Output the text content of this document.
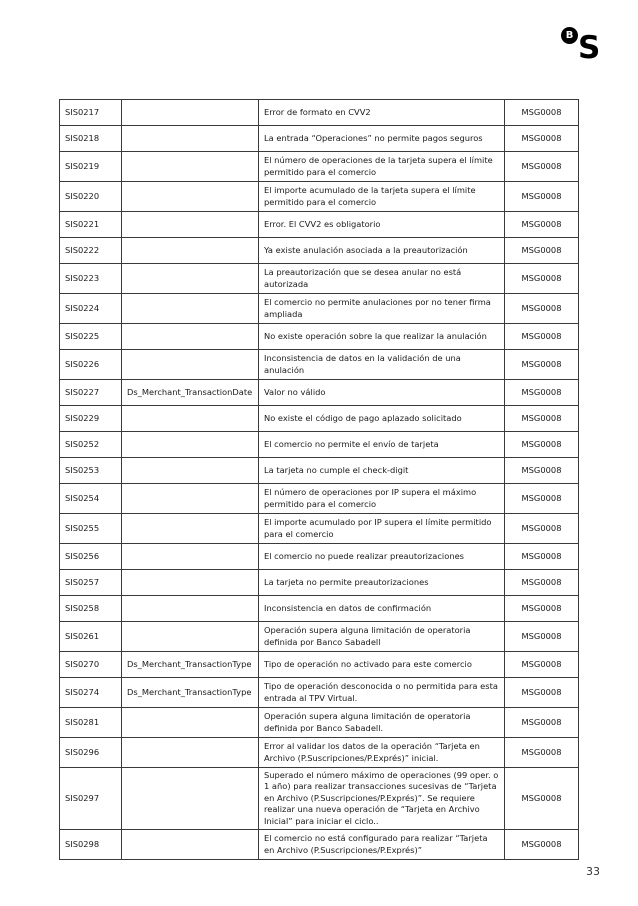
B S
SIS0217		Error de formato en CVV2	MSG0008
SIS0218		La entrada “Operaciones” no permite pagos seguros	MSG0008
SIS0219		El número de operaciones de la tarjeta supera el límite permitido para el comercio	MSG0008
SIS0220		El importe acumulado de la tarjeta supera el límite permitido para el comercio	MSG0008
SIS0221		Error. El CVV2 es obligatorio	MSG0008
SIS0222		Ya existe anulación asociada a la preautorización	MSG0008
SIS0223		La preautorización que se desea anular no está autorizada	MSG0008
SIS0224		El comercio no permite anulaciones por no tener firma ampliada	MSG0008
SIS0225		No existe operación sobre la que realizar la anulación	MSG0008
SIS0226		Inconsistencia de datos en la validación de una anulación	MSG0008
SIS0227	Ds_Merchant_TransactionDate	Valor no válido	MSG0008
SIS0229		No existe el código de pago aplazado solicitado	MSG0008
SIS0252		El comercio no permite el envío de tarjeta	MSG0008
SIS0253		La tarjeta no cumple el check-digit	MSG0008
SIS0254		El número de operaciones por IP supera el máximo permitido para el comercio	MSG0008
SIS0255		El importe acumulado por IP supera el límite permitido para el comercio	MSG0008
SIS0256		El comercio no puede realizar preautorizaciones	MSG0008
SIS0257		La tarjeta no permite preautorizaciones	MSG0008
SIS0258		Inconsistencia en datos de confirmación	MSG0008
SIS0261		Operación supera alguna limitación de operatoria definida por Banco Sabadell	MSG0008
SIS0270	Ds_Merchant_TransactionType	Tipo de operación no activado para este comercio	MSG0008
SIS0274	Ds_Merchant_TransactionType	Tipo de operación desconocida o no permitida para esta entrada al TPV Virtual.	MSG0008
SIS0281		Operación supera alguna limitación de operatoria definida por Banco Sabadell.	MSG0008
SIS0296		Error al validar los datos de la operación “Tarjeta en Archivo (P.Suscripciones/P.Exprés)” inicial.	MSG0008
SIS0297		Superado el número máximo de operaciones (99 oper. o 1 año) para realizar transacciones sucesivas de “Tarjeta en Archivo (P.Suscripciones/P.Exprés)”. Se requiere realizar una nueva operación de “Tarjeta en Archivo Inicial” para iniciar el ciclo..	MSG0008
SIS0298		El comercio no está configurado para realizar “Tarjeta en Archivo (P.Suscripciones/P.Exprés)”	MSG0008
33
